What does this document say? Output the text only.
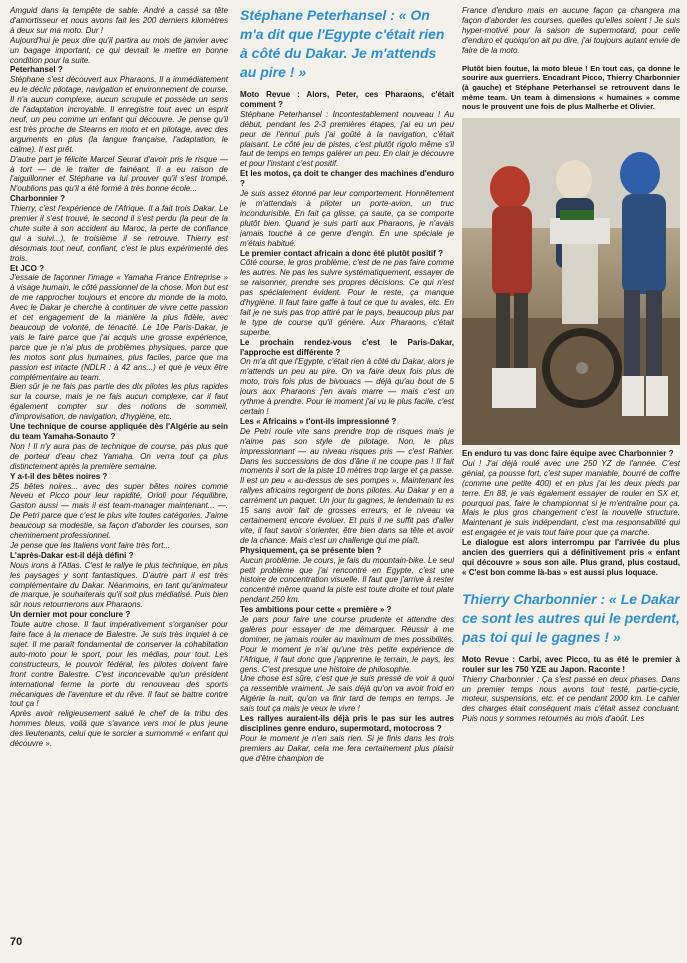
Amguid dans la tempête de sable. André a cassé sa tête d'amortisseur et nous avons fait les 200 derniers kilomètres à deux sur ma moto. Dur !

Aujourd'hui je peux dire qu'il partira au mois de janvier avec un bagage important, ce qui devrait le mettre en bonne condition pour la suite.

Peterhansel ?

Stéphane s'est découvert aux Pharaons. Il a immédiatement eu le déclic pilotage, navigation et environnement de course. Il n'a aucun complexe, aucun scrupule et possède un sens de l'adaptation incroyable. Il enregistre tout avec un esprit neuf, un peu comme un enfant qui découvre. Je pense qu'il est très proche de Stearns en moto et en pilotage, avec des arguments en plus (la langue française, l'adaptation, le calme). Il est prêt.

D'autre part je félicite Marcel Seurat d'avoir pris le risque — à tort — de le traiter de fainéant. Il a eu raison de l'aiguillonner et Stéphane va lui prouver qu'il s'est trompé. N'oublions pas qu'il a été formé à très bonne école...

Charbonnier ?

Thierry, c'est l'expérience de l'Afrique. Il a fait trois Dakar. Le premier il s'est trouvé, le second il s'est perdu (la peur de la chute suite à son accident au Maroc, la perte de confiance qui a suivi...), le troisième il se retrouve. Thierry est désormais tout neuf, confiant, c'est le plus expérimenté des trois.

Et JCO ?

J'essaie de façonner l'image « Yamaha France Entreprise » à visage humain, le côté passionnel de la chose. Mon but est de me rapprocher toujours et encore du monde de la moto. Avec le Dakar je cherche à continuer de vivre cette passion et cet engagement de la manière la plus fidèle, avec beaucoup de volonté, de ténacité. Le 10e Paris-Dakar, je vais le faire parce que j'ai acquis une grosse expérience, parce que je n'ai plus de problèmes physiques, parce que les motos sont plus humaines, plus faciles, parce que ma passion est intacte (NDLR : à 42 ans...) et que je veux être complémentaire au team.

Bien sûr je ne fais pas partie des dix pilotes les plus rapides sur la course, mais je ne fais aucun complexe, car il faut également compter sur des notions de sommeil, d'improvisation, de navigation, d'hygiène, etc.

Une technique de course appliquée dès l'Algérie au sein du team Yamaha-Sonauto ?

Non ! Il n'y aura pas de technique de course, pas plus que de porteur d'eau chez Yamaha. On verra tout ça plus distinctement après la première semaine.

Y a-t-il des bêtes noires ?

25 bêtes noires... avec des super bêtes noires comme Neveu et Picco pour leur rapidité, Orioli pour l'équilibre, Gaston aussi — mais il est team-manager maintenant... —. De Petri parce que c'est le plus vite toutes catégories. J'aime beaucoup sa modestie, sa façon d'aborder les courses, son cheminement professionnel.

Je pense que les Italiens vont faire très fort...

L'après-Dakar est-il déjà défini ?

Nous irons à l'Atlas. C'est le rallye le plus technique, en plus les paysages y sont fantastiques. D'autre part il est très complémentaire du Dakar. Néanmoins, en tant qu'animateur de marque, je souhaiterais qu'il soit plus médiatisé. Puis bien sûr nous retournerons aux Pharaons.

Un dernier mot pour conclure ?

Toute autre chose. Il faut impérativement s'organiser pour faire face à la menace de Balestre. Je suis très inquiet à ce sujet. Il me paraît fondamental de conserver la cohabitation auto-moto pour le sport, pour les médias, pour tout. Les constructeurs, le pouvoir fédéral, les pilotes doivent faire front contre Balestre. C'est inconcevable qu'un président international ferme la porte du renouveau des sports mécaniques de l'aventure et du rêve. Il faut se battre contre tout ça !

Après avoir religieusement salué le chef de la tribu des hommes bleus, voilà que s'avance vers moi le plus jeune des lieutenants, celui que le sorcier a surnommé « enfant qui découvre ».

Stéphane Peterhansel : « On m'a dit que l'Egypte c'était rien à côté du Dakar. Je m'attends au pire ! »

Moto Revue : Alors, Peter, ces Pharaons, c'était comment ?

Stéphane Peterhansel : Incontestablement nouveau ! Au début, pendant les 2-3 premières étapes, j'ai eu un peu peur de l'ennui puis j'ai goûté à la navigation, c'était plaisant. Le côté jeu de pistes, c'est plutôt rigolo même s'il faut de temps en temps galérer un peu. En clair je découvre et pour l'instant c'est positif.

Et les motos, ça doit te changer des machines d'enduro ?

Je suis assez étonné par leur comportement. Honnêtement je m'attendais à piloter un porte-avion, un truc incondurisible. En fait ça glisse, ça saute, ça se comporte plutôt bien. Quand je suis parti aux Pharaons, je n'avais jamais touché à ce genre d'engin. En une spéciale je m'étais habitué.

Le premier contact africain a donc été plutôt positif ?

Côté course, le gros problème, c'est de ne pas faire comme les autres. Ne pas les suivre systématiquement, essayer de se raisonner, prendre ses propres décisions. Ce qui n'est pas spécialement évident. Pour le reste, ça manque d'hygiène. Il faut faire gaffe à tout ce que tu avales, etc. En fait je ne suis pas trop attiré par le pays, beaucoup plus par le type de course qu'il génère. Aux Pharaons, c'était superbe.

Le prochain rendez-vous c'est le Paris-Dakar, l'approche est différente ?

On m'a dit que l'Egypte, c'était rien à côté du Dakar, alors je m'attends un peu au pire. On va faire deux fois plus de moto, trois fois plus de bivouacs — déjà qu'au bout de 5 jours aux Pharaons j'en avais marre — mais c'est un rythme à prendre. Pour le moment j'ai vu le plus facile, c'est certain !

Les « Africains » t'ont-ils impressionné ?

De Petri roule vite sans prendre trop de risques mais je n'aime pas son style de pilotage. Non, le plus impressionnant — au niveau risques pris — c'est Rahier. Dans les successions de dos d'âne il ne coupe pas ! Il fait moments il sort de la piste 10 mètres trop large et ça passe. Il est un peu « au-dessus de ses pompes ». Maintenant les rallyes africains regorgent de bons pilotes. Au Dakar y en a carrément un paquet. Un jour tu gagnes, le lendemain tu es 15 sans avoir fait de grosses erreurs, et le niveau va certainement encore évoluer. Et puis il ne suffit pas d'aller vite, il faut savoir s'orienter, être bien dans sa tête et avoir de la chance. Mais c'est un challenge qui me plaît.

Physiquement, ça se présente bien ?

Aucun problème. Je cours, je fais du mountain-bike. Le seul petit problème que j'ai rencontré en Egypte, c'est une histoire de concentration visuelle. Il faut que j'arrive à rester concentré même quand la piste est toute droite et tout plate pendant 250 km.

Tes ambitions pour cette « première » ?

Je pars pour faire une course prudente et attendre des galères pour essayer de me démarquer. Réussir à me dominer, ne jamais rouler au maximum de mes possibilités. Pour le moment je n'ai qu'une très petite expérience de l'Afrique, il faut donc que j'apprenne le terrain, le pays, les gens. C'est presque une histoire de philosophie.

Une chose est sûre, c'est que je suis pressé de voir à quoi ça ressemble vraiment. Je sais déjà qu'on va avoir froid en Algérie la nuit, qu'on va finir tard de temps en temps. Je sais tout ça mais je veux le vivre !

Les rallyes auraient-ils déjà pris le pas sur les autres disciplines genre enduro, supermotard, motocross ?

Pour le moment je n'en sais rien. Si je finis dans les trois premiers au Dakar, cela me fera certainement plus plaisir que d'être champion de

France d'enduro mais en aucune façon ça changera ma façon d'aborder les courses, quelles qu'elles soient ! Je suis hyper-motivé pour la saison de supermotard, pour celle d'enduro et quoiqu'on ait pu dire, j'ai toujours autant envie de faire de la moto.

Plutôt bien foutue, la moto bleue ! En tout cas, ça donne le sourire aux guerriers. Encadrant Picco, Thierry Charbonnier (à gauche) et Stéphane Peterhansel se retrouvent dans le même team. Un team à dimensions « humaines » comme nous le prouvent une fois de plus Malherbe et Olivier.

En enduro tu vas donc faire équipe avec Charbonnier ?

Oui ! J'ai déjà roulé avec une 250 YZ de l'année. C'est génial, ça pousse fort, c'est super maniable, bourré de coffre (comme une petite 400) et en plus j'ai les deux pieds par terre. En 88, je vais également essayer de rouler en SX et, pourquoi pas, faire le championnat si je m'entraîne pour ça. Mais le plus gros changement c'est la nouvelle structure. Maintenant je suis indépendant, c'est ma responsabilité qui est engagée et je vais tout faire pour que ça marche.

Le dialogue est alors interrompu par l'arrivée du plus ancien des guerriers qui a définitivement pris « enfant qui découvre » sous son aile. Plus grand, plus costaud, « C'est bon comme là-bas » est aussi plus loquace.

Thierry Charbonnier : « Le Dakar ce sont les autres qui le perdent, pas toi qui le gagnes ! »

Moto Revue : Carbi, avec Picco, tu as été le premier à rouler sur les 750 YZE au Japon. Raconte !

Thierry Charbonnier : Ça s'est passé en deux phases. Dans un premier temps nous avons tout testé, partie-cycle, moteur, suspensions, etc. et ce pendant 2000 km. Le cahier des charges était conséquent mais c'était assez concluant. Puis nous y sommes retournés au mois d'août. Les

70
